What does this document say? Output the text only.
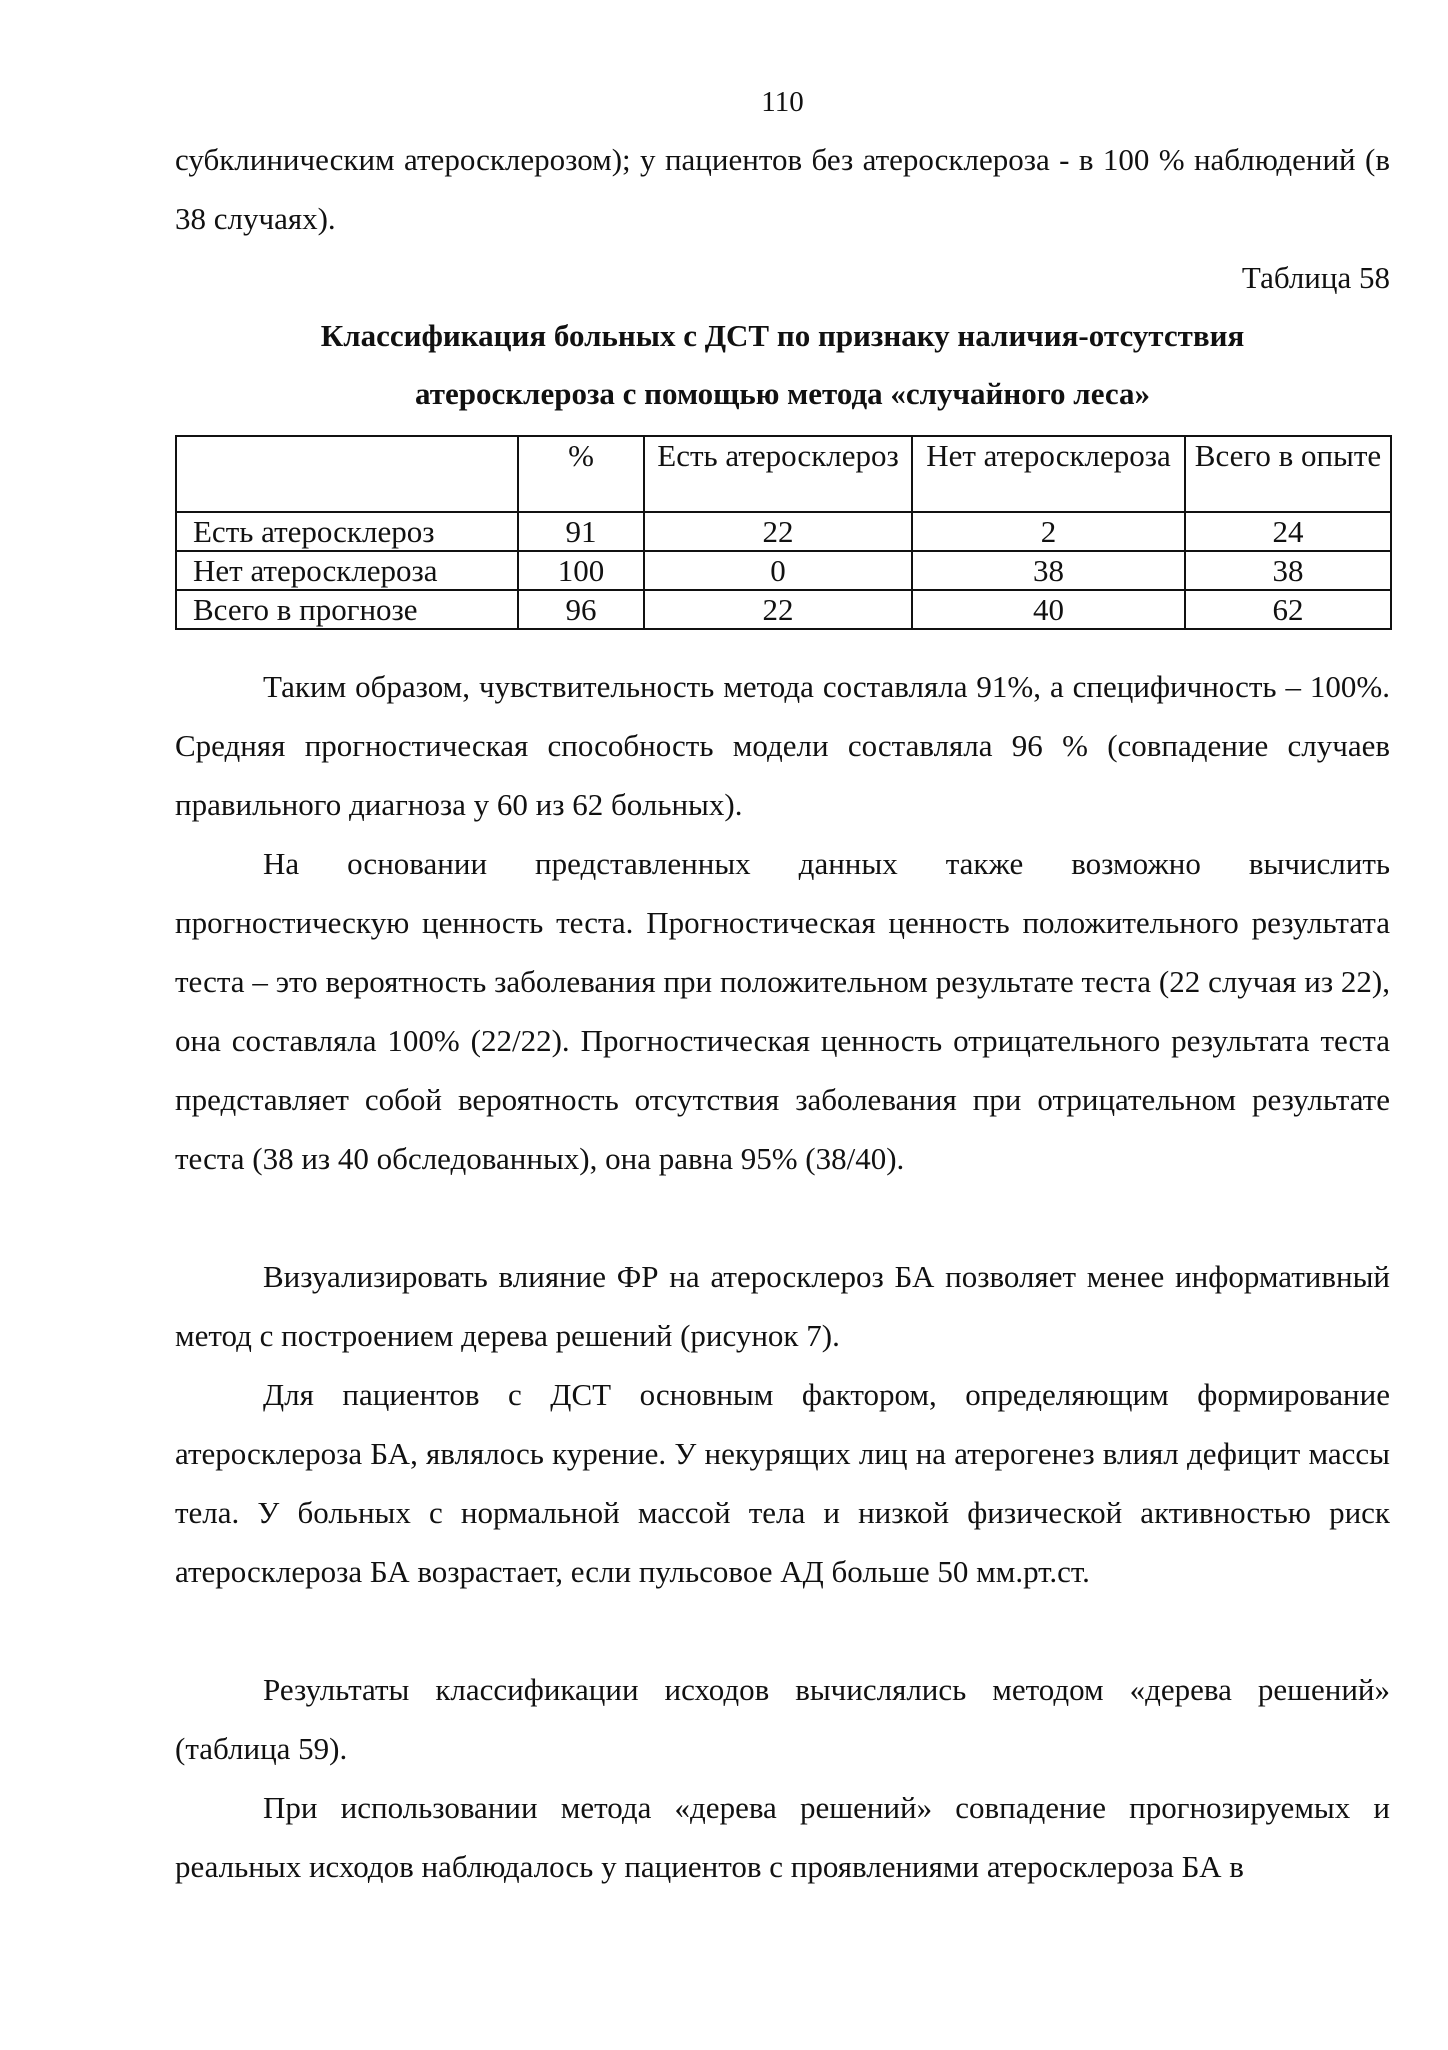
110

субклиническим атеросклерозом); у пациентов без атеросклероза - в 100 % наблюдений (в 38 случаях).

Таблица 58
Классификация больных с ДСТ по признаку наличия-отсутствия
атеросклероза с помощью метода «случайного леса»
	%	Есть атеросклероз	Нет атеросклероза	Всего в опыте
Есть атеросклероз	91	22	2	24
Нет атеросклероза	100	0	38	38
Всего в прогнозе	96	22	40	62

Таким образом, чувствительность метода составляла 91%, а специфичность – 100%. Средняя прогностическая способность модели составляла 96 % (совпадение случаев правильного диагноза у 60 из 62 больных).

На основании представленных данных также возможно вычислить прогностическую ценность теста. Прогностическая ценность положительного результата теста – это вероятность заболевания при положительном результате теста (22 случая из 22), она составляла 100% (22/22). Прогностическая ценность отрицательного результата теста представляет собой вероятность отсутствия заболевания при отрицательном результате теста (38 из 40 обследованных), она равна 95% (38/40).

Визуализировать влияние ФР на атеросклероз БА позволяет менее информативный метод с построением дерева решений (рисунок 7).

Для пациентов с ДСТ основным фактором, определяющим формирование атеросклероза БА, являлось курение. У некурящих лиц на атерогенез влиял дефицит массы тела. У больных с нормальной массой тела и низкой физической активностью риск атеросклероза БА возрастает, если пульсовое АД больше 50 мм.рт.ст.

Результаты классификации исходов вычислялись методом «дерева решений» (таблица 59).

При использовании метода «дерева решений» совпадение прогнозируемых и реальных исходов наблюдалось у пациентов с проявлениями атеросклероза БА в
